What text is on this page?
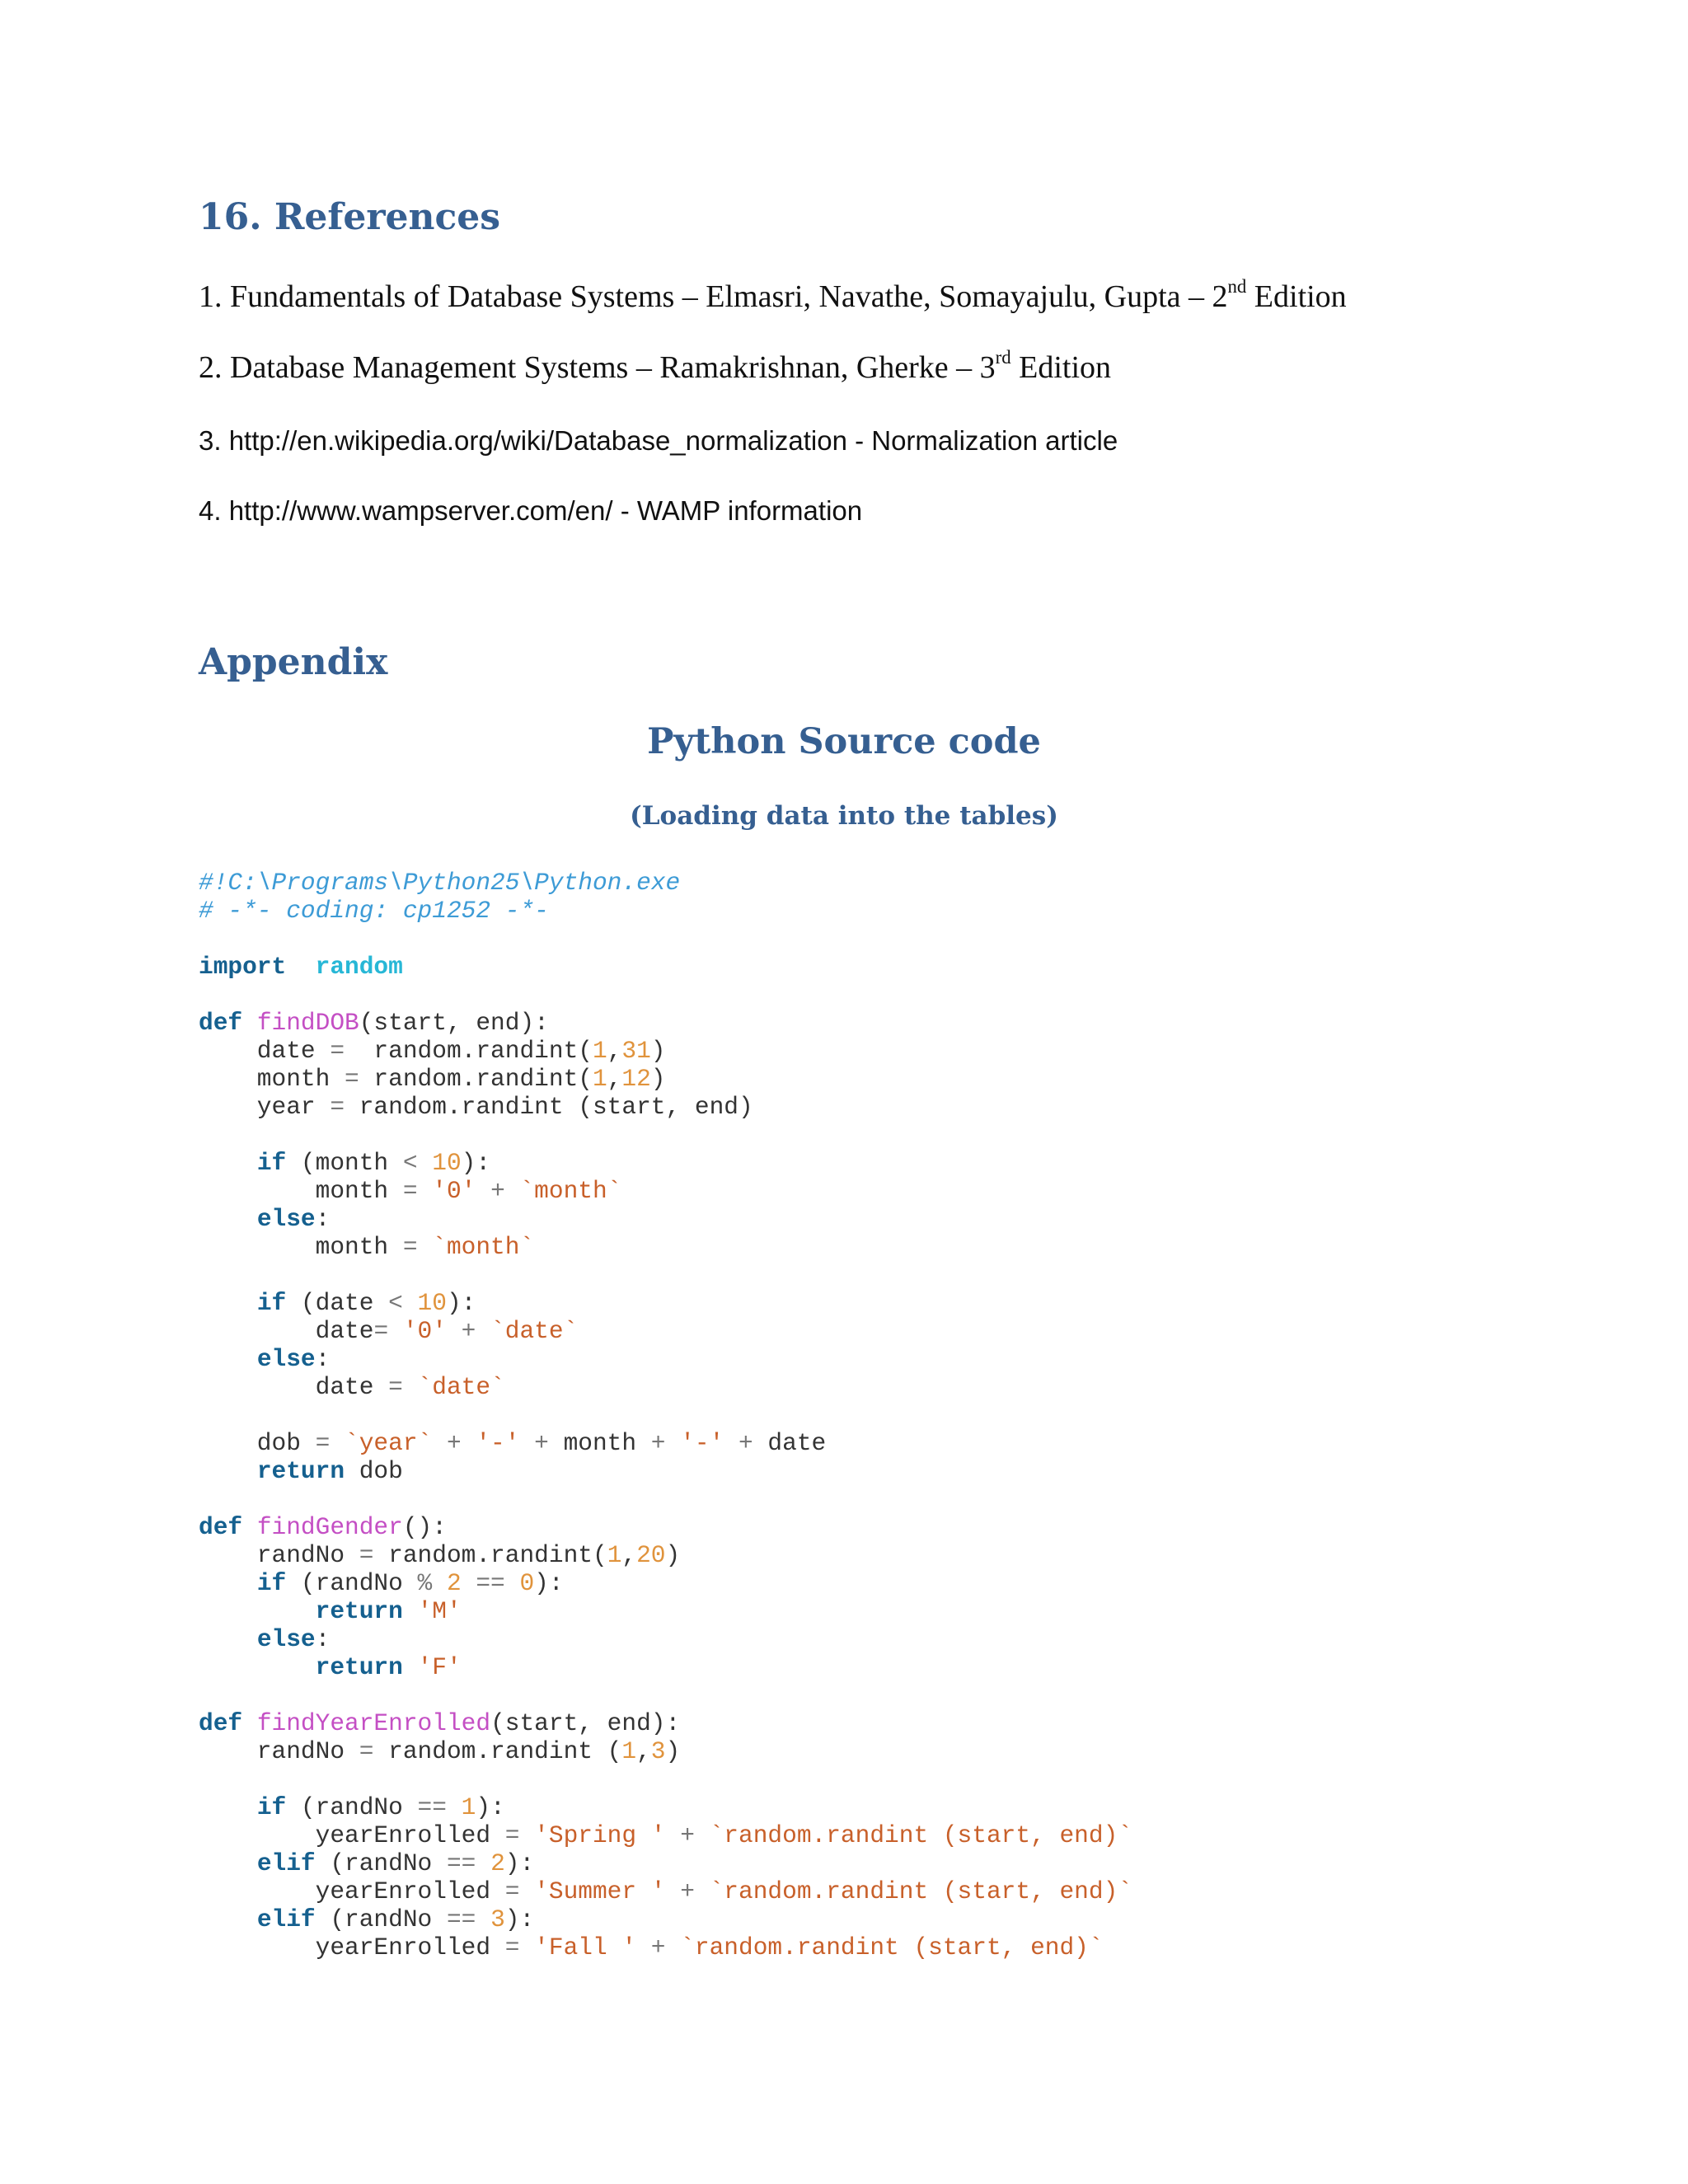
16. References

1. Fundamentals of Database Systems – Elmasri, Navathe, Somayajulu, Gupta – 2nd Edition

2. Database Management Systems – Ramakrishnan, Gherke – 3rd Edition

3. http://en.wikipedia.org/wiki/Database_normalization - Normalization article

4. http://www.wampserver.com/en/ - WAMP information

Appendix
Python Source code
(Loading data into the tables)
#!C:\Programs\Python25\Python.exe
# -*- coding: cp1252 -*-
import random
def findDOB(start, end):
date =  random.randint(1,31)
month = random.randint(1,12)
year = random.randint (start, end)
if (month < 10):
month = '0' + `month`
else:
month = `month`
if (date < 10):
date= '0' + `date`
else:
date = `date`
dob = `year` + '-' + month + '-' + date
return dob
def findGender():
randNo = random.randint(1,20)
if (randNo % 2 == 0):
return 'M'
else:
return 'F'
def findYearEnrolled(start, end):
randNo = random.randint (1,3)
if (randNo == 1):
yearEnrolled = 'Spring ' + `random.randint (start, end)`
elif (randNo == 2):
yearEnrolled = 'Summer ' + `random.randint (start, end)`
elif (randNo == 3):
yearEnrolled = 'Fall ' + `random.randint (start, end)`
